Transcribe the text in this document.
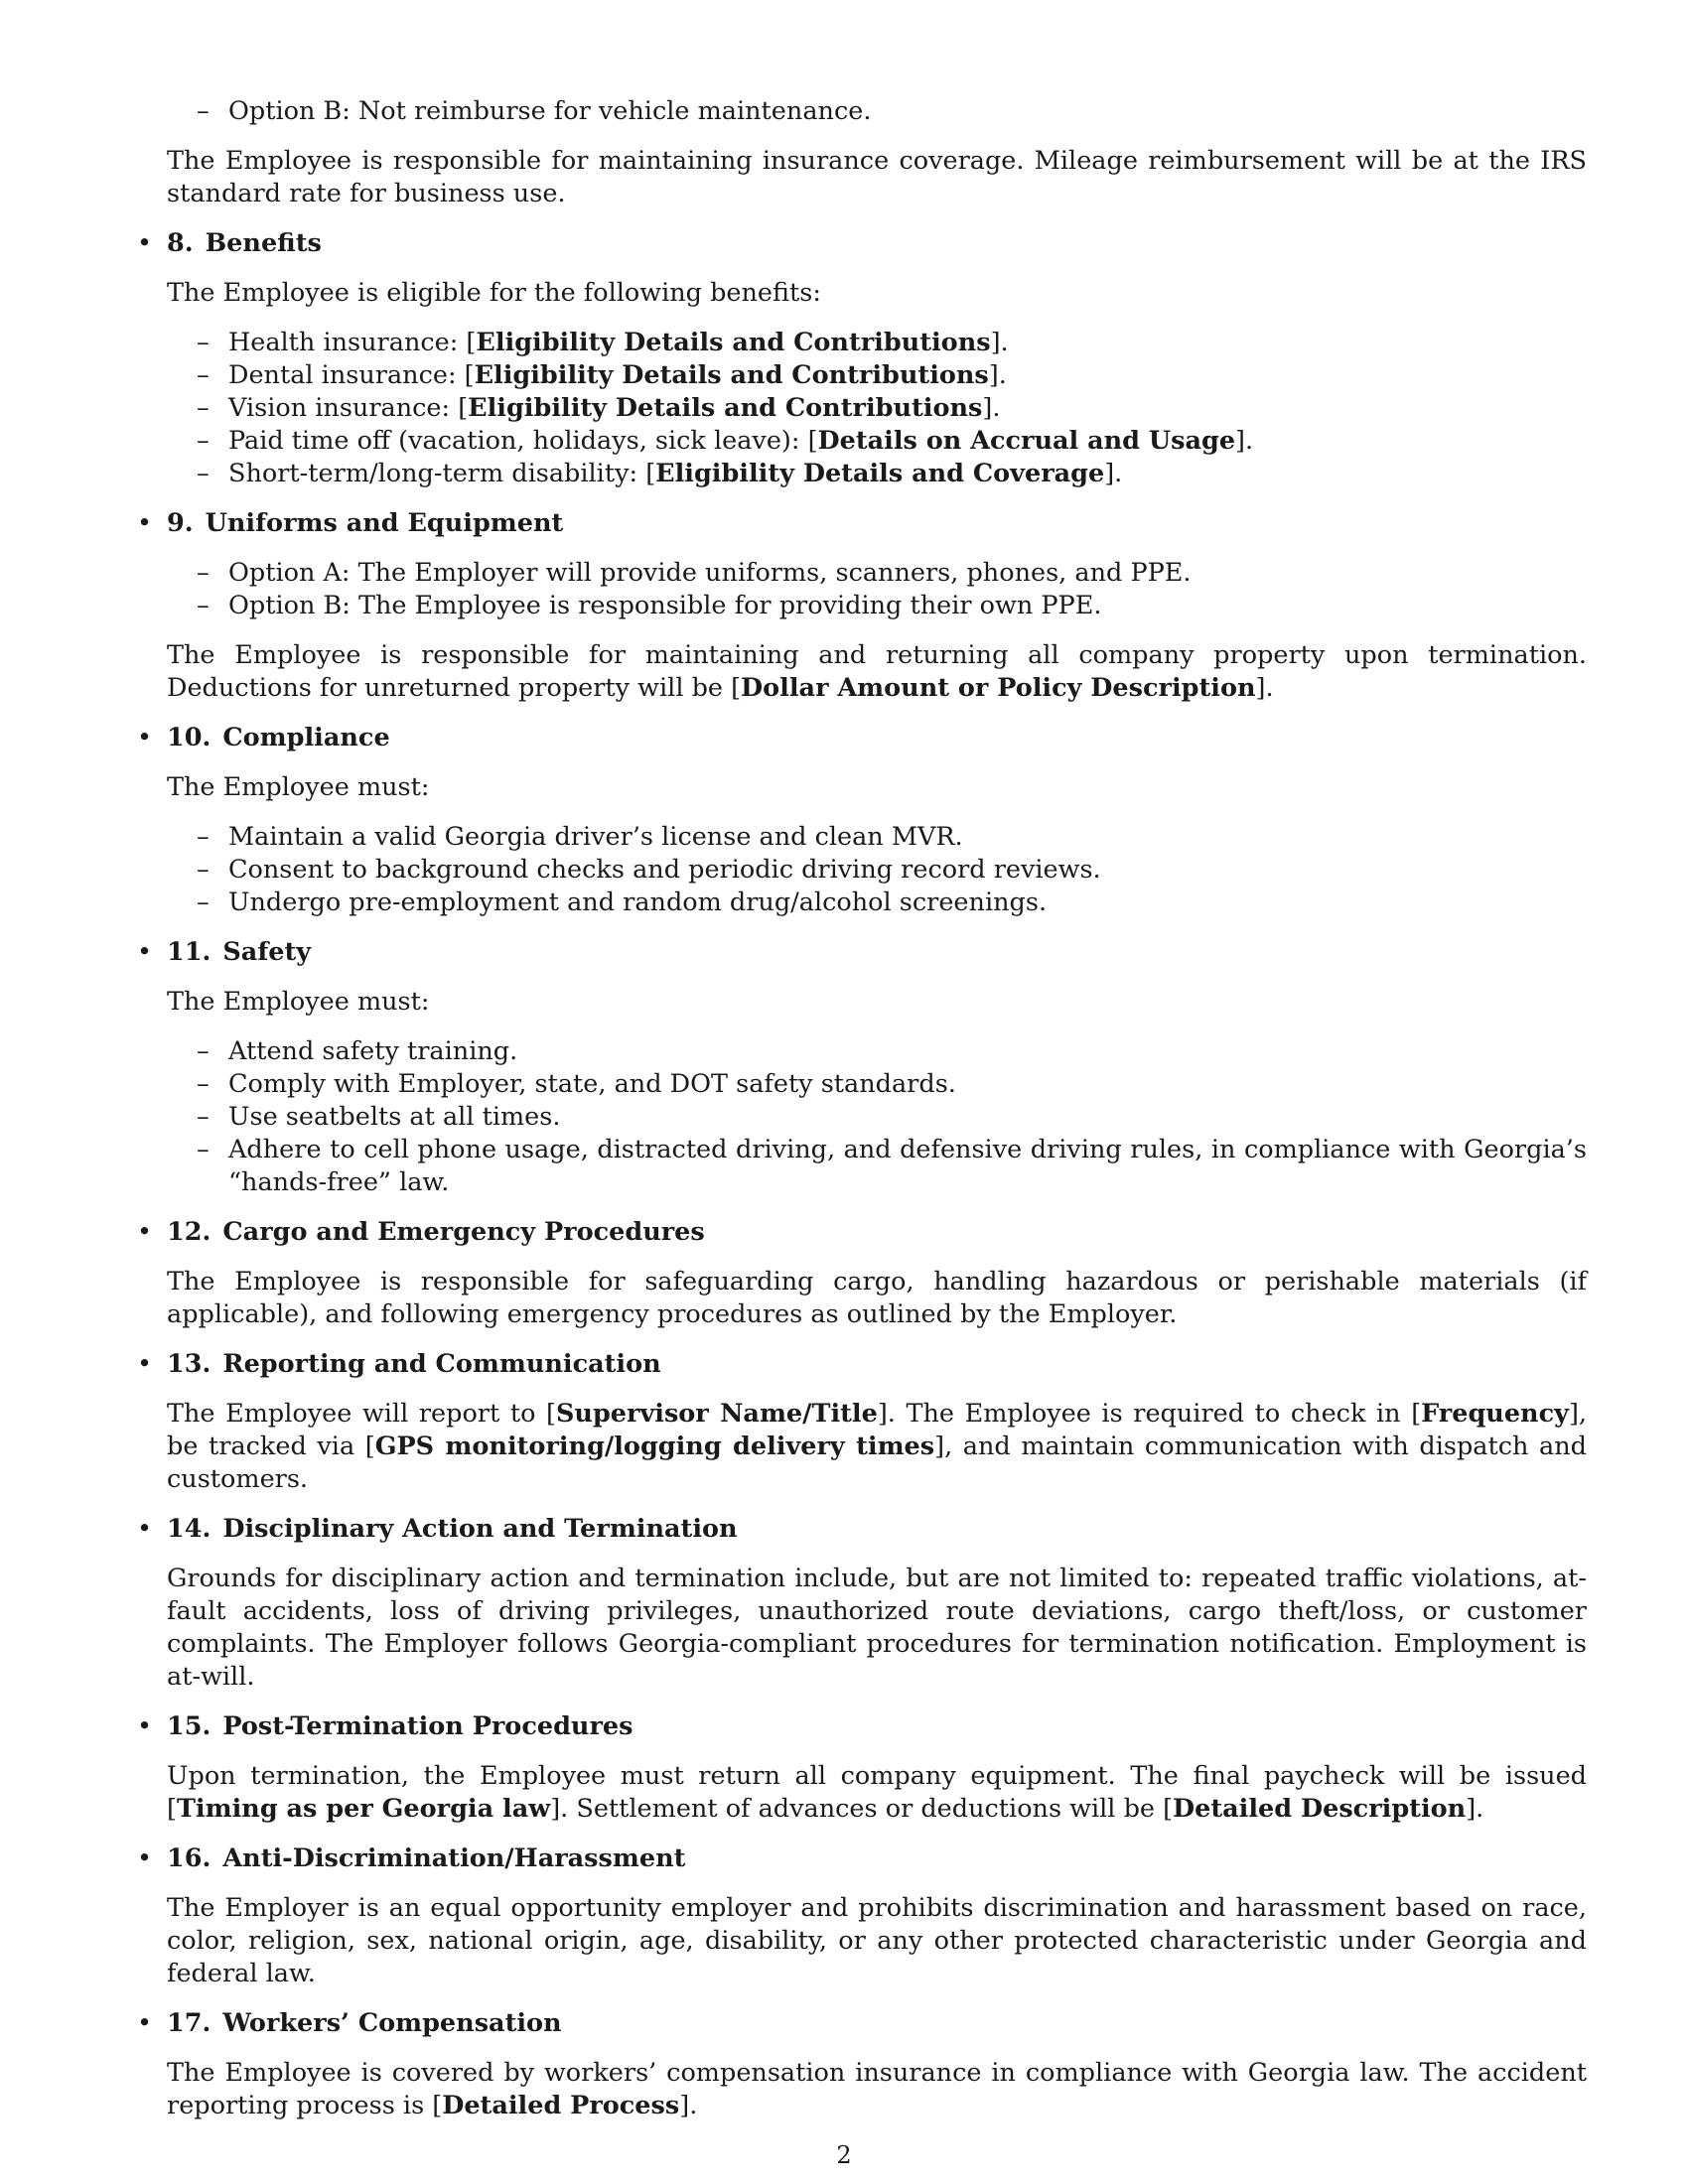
– Option B: Not reimburse for vehicle maintenance.

The Employee is responsible for maintaining insurance coverage. Mileage reimbursement will be at the IRS standard rate for business use.

• 8. Benefits

The Employee is eligible for the following benefits:

– Health insurance: [Eligibility Details and Contributions].

– Dental insurance: [Eligibility Details and Contributions].

– Vision insurance: [Eligibility Details and Contributions].

– Paid time off (vacation, holidays, sick leave): [Details on Accrual and Usage].

– Short-term/long-term disability: [Eligibility Details and Coverage].

• 9. Uniforms and Equipment

– Option A: The Employer will provide uniforms, scanners, phones, and PPE.

– Option B: The Employee is responsible for providing their own PPE.

The Employee is responsible for maintaining and returning all company property upon termination. Deductions for unreturned property will be [Dollar Amount or Policy Description].

• 10. Compliance

The Employee must:

– Maintain a valid Georgia driver’s license and clean MVR.

– Consent to background checks and periodic driving record reviews.

– Undergo pre-employment and random drug/alcohol screenings.

• 11. Safety

The Employee must:

– Attend safety training.

– Comply with Employer, state, and DOT safety standards.

– Use seatbelts at all times.

– Adhere to cell phone usage, distracted driving, and defensive driving rules, in compliance with Georgia’s “hands-free” law.

• 12. Cargo and Emergency Procedures

The Employee is responsible for safeguarding cargo, handling hazardous or perishable materials (if applicable), and following emergency procedures as outlined by the Employer.

• 13. Reporting and Communication

The Employee will report to [Supervisor Name/Title]. The Employee is required to check in [Frequency], be tracked via [GPS monitoring/logging delivery times], and maintain communication with dispatch and customers.

• 14. Disciplinary Action and Termination

Grounds for disciplinary action and termination include, but are not limited to: repeated traffic violations, at-fault accidents, loss of driving privileges, unauthorized route deviations, cargo theft/loss, or customer complaints. The Employer follows Georgia-compliant procedures for termination notification. Employment is at-will.

• 15. Post-Termination Procedures

Upon termination, the Employee must return all company equipment. The final paycheck will be issued [Timing as per Georgia law]. Settlement of advances or deductions will be [Detailed Description].

• 16. Anti-Discrimination/Harassment

The Employer is an equal opportunity employer and prohibits discrimination and harassment based on race, color, religion, sex, national origin, age, disability, or any other protected characteristic under Georgia and federal law.

• 17. Workers’ Compensation

The Employee is covered by workers’ compensation insurance in compliance with Georgia law. The accident reporting process is [Detailed Process].

2
